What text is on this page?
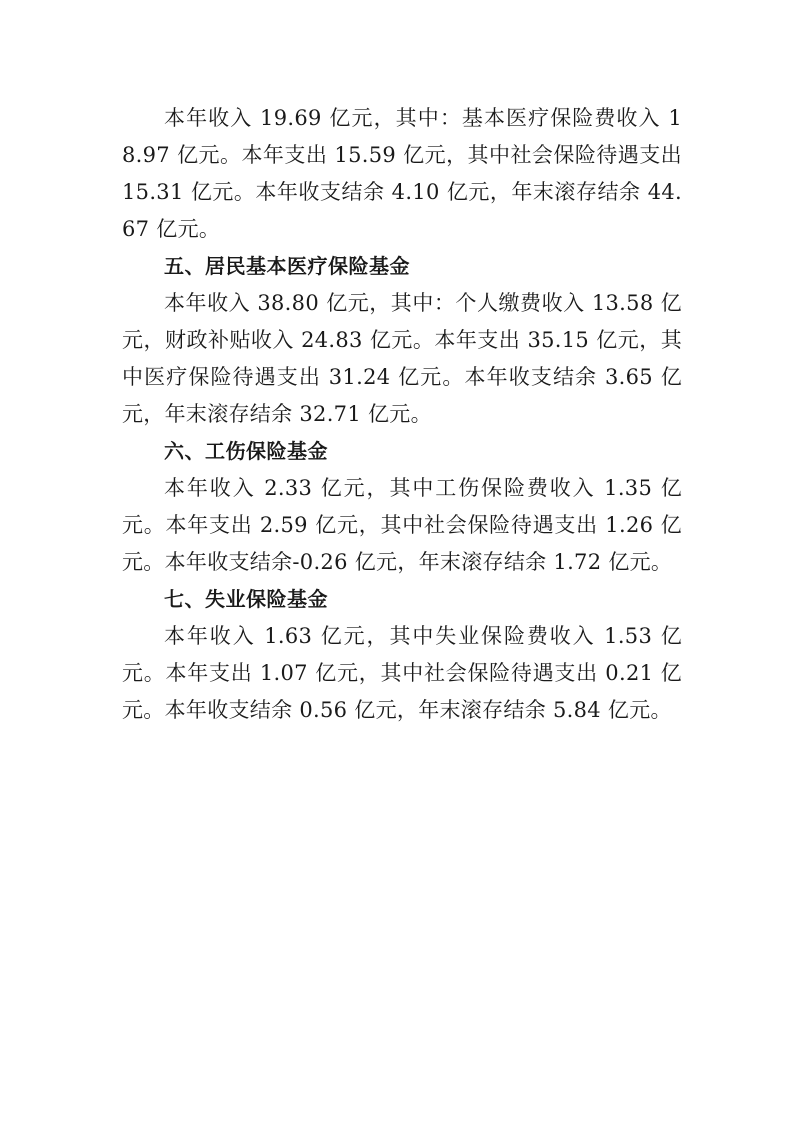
本年收入 19.69 亿元，其中：基本医疗保险费收入 18.97 亿元。本年支出 15.59 亿元，其中社会保险待遇支出 15.31 亿元。本年收支结余 4.10 亿元，年末滚存结余 44.67 亿元。

五、居民基本医疗保险基金

本年收入 38.80 亿元，其中：个人缴费收入 13.58 亿元，财政补贴收入 24.83 亿元。本年支出 35.15 亿元，其中医疗保险待遇支出 31.24 亿元。本年收支结余 3.65 亿元，年末滚存结余 32.71 亿元。

六、工伤保险基金

本年收入 2.33 亿元，其中工伤保险费收入 1.35 亿元。本年支出 2.59 亿元，其中社会保险待遇支出 1.26 亿元。本年收支结余-0.26 亿元，年末滚存结余 1.72 亿元。

七、失业保险基金

本年收入 1.63 亿元，其中失业保险费收入 1.53 亿元。本年支出 1.07 亿元，其中社会保险待遇支出 0.21 亿元。本年收支结余 0.56 亿元，年末滚存结余 5.84 亿元。
